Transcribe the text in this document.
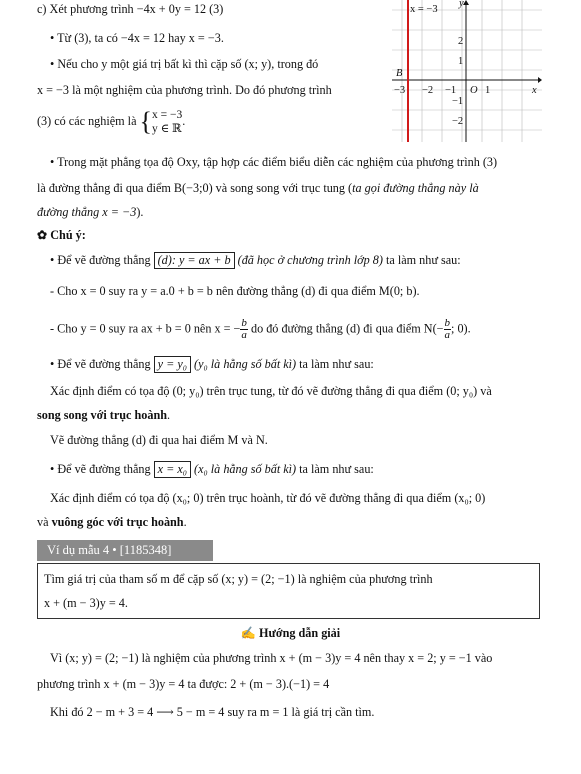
c) Xét phương trình −4x + 0y = 12 (3)
• Từ (3), ta có −4x = 12 hay x = −3.
• Nếu cho y một giá trị bất kì thì cặp số (x; y), trong đó
x = −3 là một nghiệm của phương trình. Do đó phương trình
(3) có các nghiệm là { x = −3
y ∈ ℝ
.
x = −3
y
x
B
O
−3 −2 −1	1
2
1
−1
−2
• Trong mặt phẳng tọa độ Oxy, tập hợp các điểm biểu diễn các nghiệm của phương trình (3)
là đường thẳng đi qua điểm B(−3;0) và song song với trục tung (ta gọi đường thẳng này là
đường thẳng x = −3).
✿ Chú ý:
• Để vẽ đường thẳng (d): y = ax + b (đã học ở chương trình lớp 8) ta làm như sau:
- Cho x = 0 suy ra y = a.0 + b = b nên đường thẳng (d) đi qua điểm M(0; b).
- Cho y = 0 suy ra ax + b = 0 nên x = − $\frac{b}{a}$ do đó đường thẳng (d) đi qua điểm $N(- \frac{b}{a}$ ; 0).
• Để vẽ đường thẳng y = y₀ (y₀ là hằng số bất kì) ta làm như sau:
Xác định điểm có tọa độ (0; y₀) trên trục tung, từ đó vẽ đường thẳng đi qua điểm (0; y₀) và
song song với trục hoành.
Vẽ đường thẳng (d) đi qua hai điểm M và N.
• Để vẽ đường thẳng x = x₀ (x₀ là hằng số bất kì) ta làm như sau:
Xác định điểm có tọa độ (x₀; 0) trên trục hoành, từ đó vẽ đường thẳng đi qua điểm (x₀; 0)
và vuông góc với trục hoành.
Ví dụ mẫu 4 • [1185348]
Tìm giá trị của tham số m để cặp số (x; y) = (2; −1) là nghiệm của phương trình
x + (m − 3)y = 4.
✍ Hướng dẫn giải
Vì (x; y) = (2; −1) là nghiệm của phương trình x + (m − 3)y = 4 nên thay x = 2; y = −1 vào
phương trình x + (m − 3)y = 4 ta được: 2 + (m − 3).(−1) = 4
Khi đó 2 − m + 3 = 4 ⟶ 5 − m = 4 suy ra m = 1 là giá trị cần tìm.
